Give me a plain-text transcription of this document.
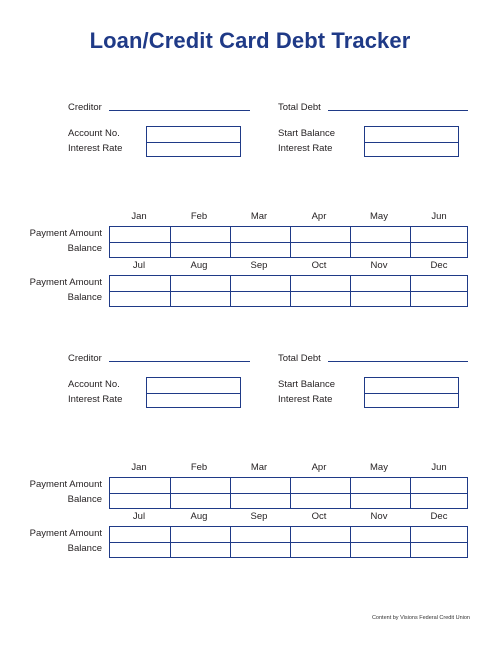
Loan/Credit Card Debt Tracker
Creditor	Total Debt
Account No.
Interest Rate
Start Balance
Interest Rate
Jan	Feb	Mar	Apr	May	Jun
Payment Amount
Balance
Jul	Aug	Sep	Oct	Nov	Dec
Payment Amount
Balance
Creditor	Total Debt
Account No.
Interest Rate
Start Balance
Interest Rate
Jan	Feb	Mar	Apr	May	Jun
Payment Amount
Balance
Jul	Aug	Sep	Oct	Nov	Dec
Payment Amount
Balance
Content by Visions Federal Credit Union
